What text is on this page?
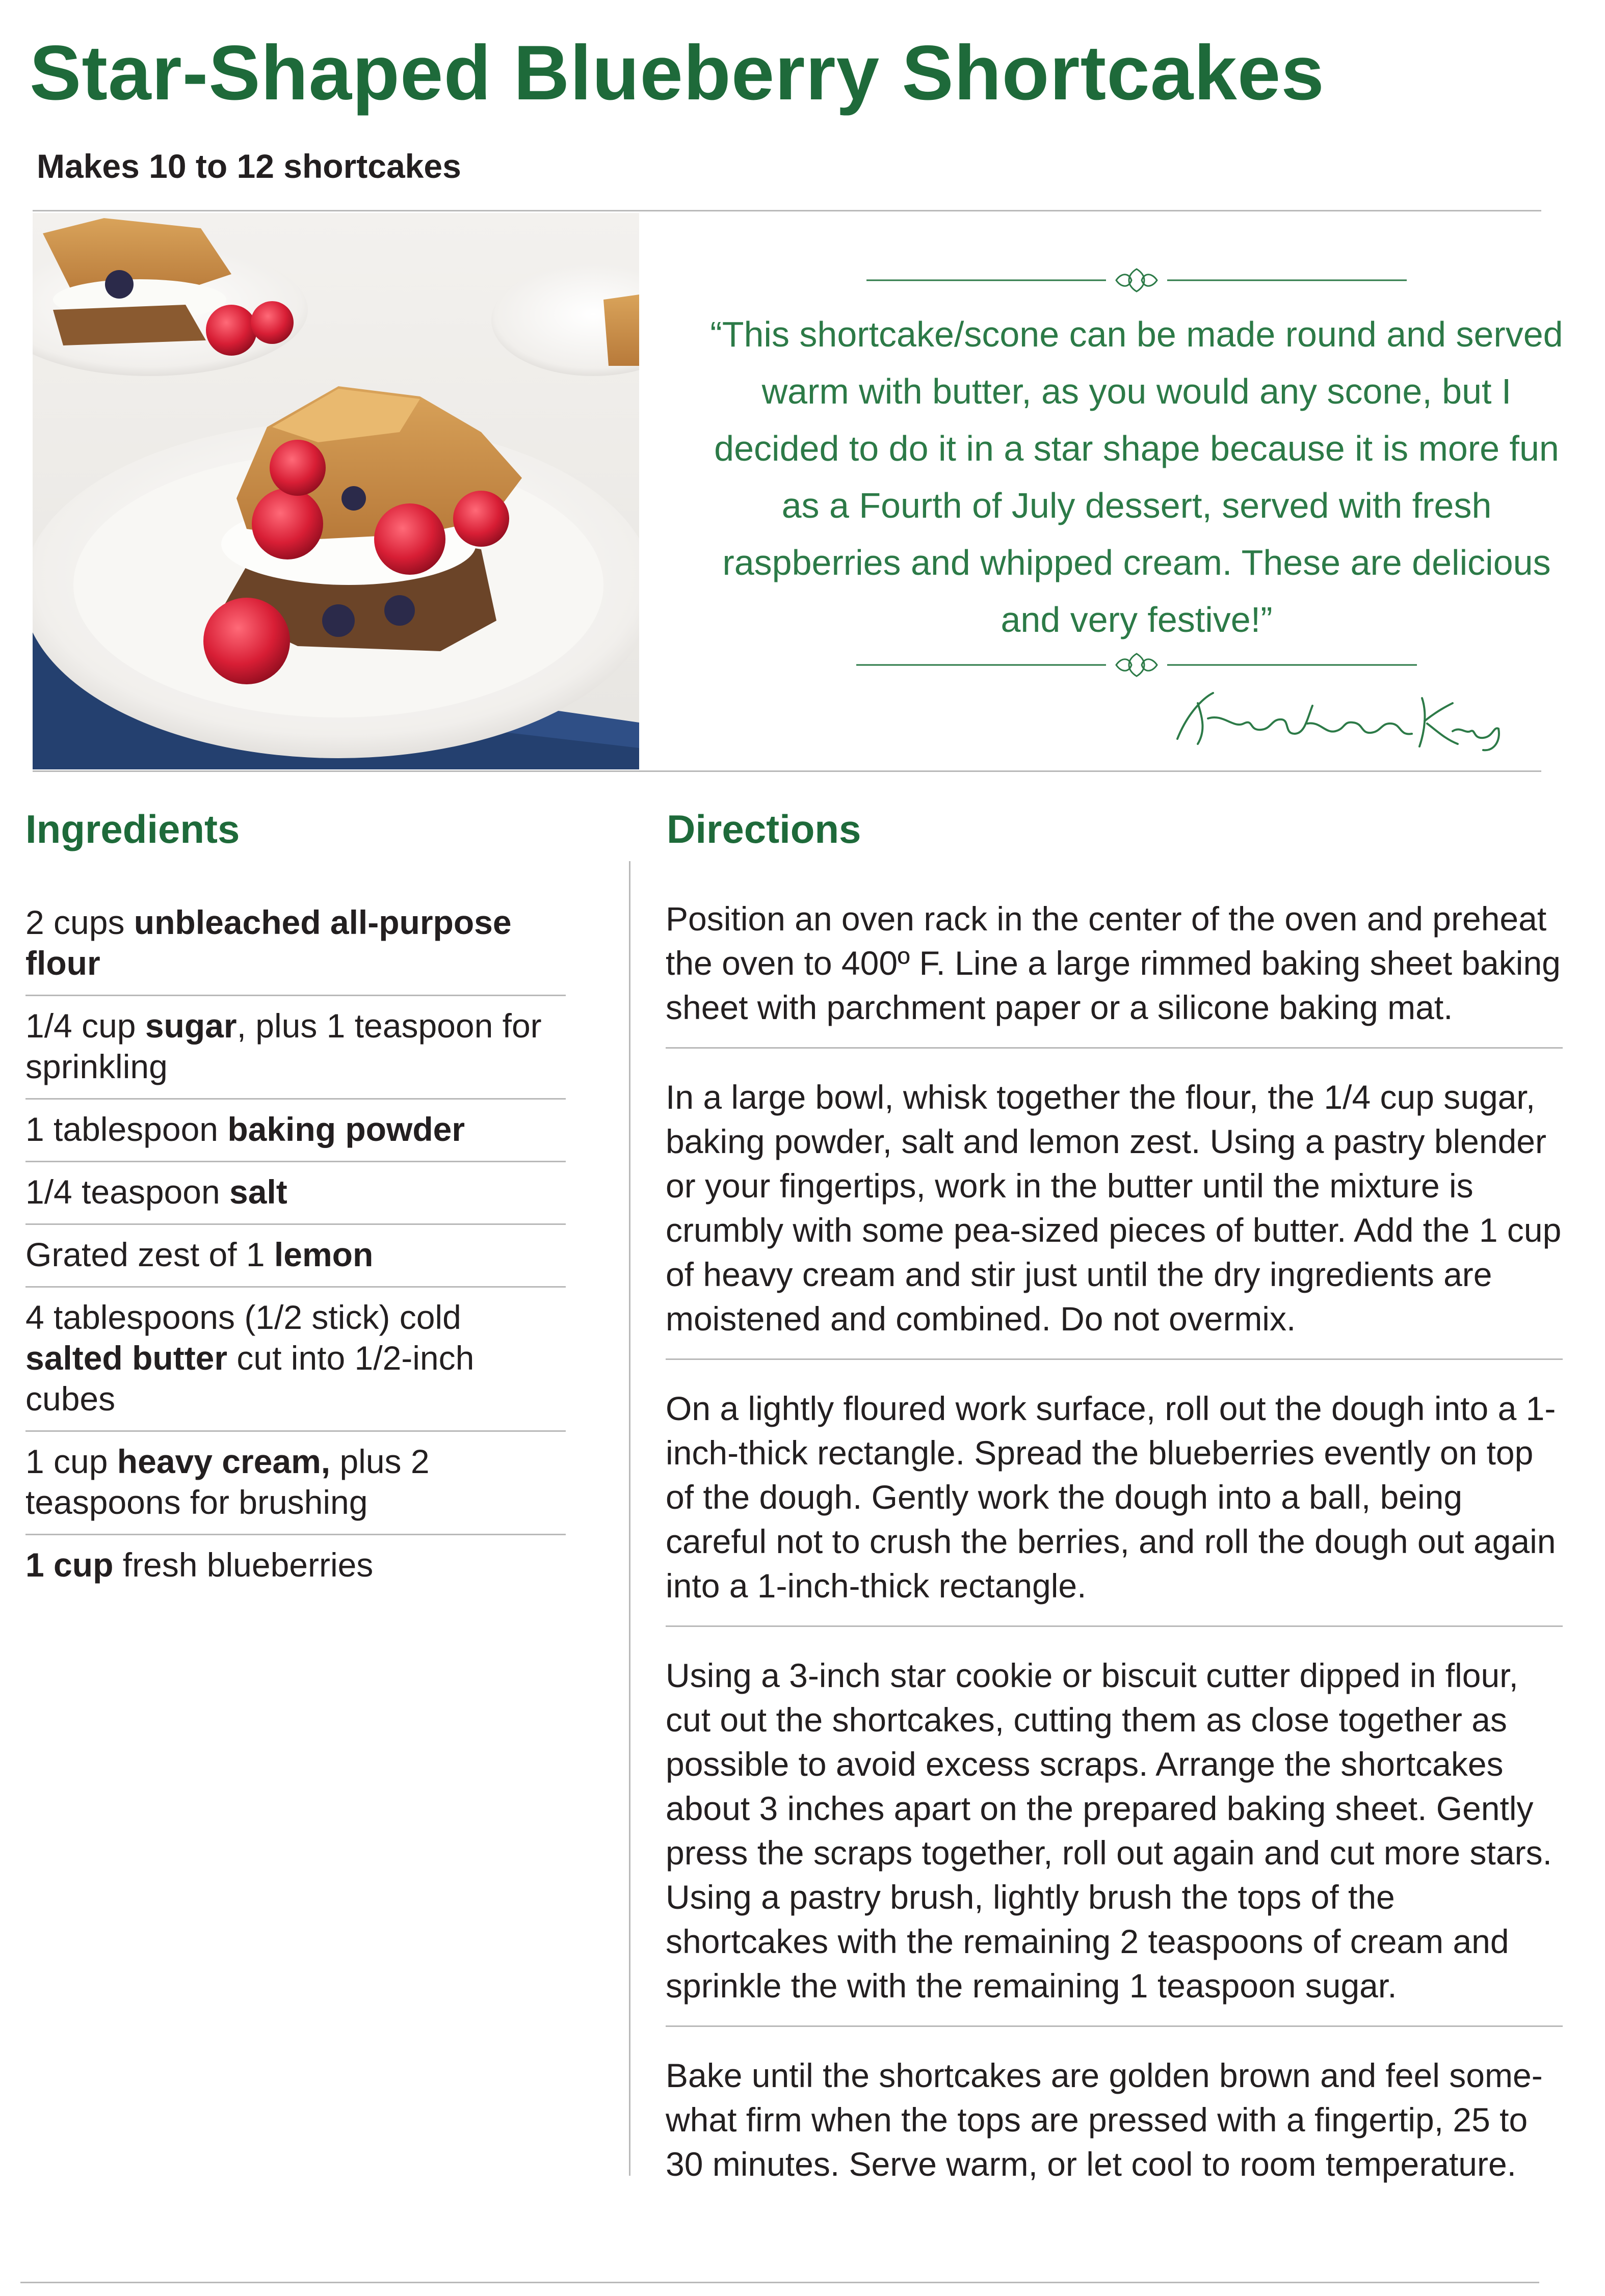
Star-Shaped Blueberry Shortcakes
Makes 10 to 12 shortcakes
“This shortcake/scone can be made round and served warm with butter, as you would any scone, but I decided to do it in a star shape because it is more fun as a Fourth of July dessert, served with fresh raspberries and whipped cream. These are delicious and very festive!”
Ingredients	Directions
2 cups unbleached all-purpose flour
1/4 cup sugar, plus 1 teaspoon for sprinkling
1 tablespoon baking powder
1/4 teaspoon salt
Grated zest of 1 lemon
4 tablespoons (1/2 stick) cold salted butter cut into 1/2-inch cubes
1 cup heavy cream, plus 2 teaspoons for brushing
1 cup fresh blueberries
Position an oven rack in the center of the oven and preheat the oven to 400º F. Line a large rimmed baking sheet baking sheet with parchment paper or a silicone baking mat.
In a large bowl, whisk together the flour, the 1/4 cup sugar, baking powder, salt and lemon zest. Using a pastry blender or your fingertips, work in the butter until the mixture is crumbly with some pea-sized pieces of butter. Add the 1 cup of heavy cream and stir just until the dry ingredients are moistened and combined. Do not overmix.
On a lightly floured work surface, roll out the dough into a 1-inch-thick rectangle. Spread the blueberries evently on top of the dough. Gently work the dough into a ball, being careful not to crush the berries, and roll the dough out again into a 1-inch-thick rectangle.
Using a 3-inch star cookie or biscuit cutter dipped in flour, cut out the shortcakes, cutting them as close together as possible to avoid excess scraps. Arrange the shortcakes about 3 inches apart on the prepared baking sheet. Gently press the scraps together, roll out again and cut more stars. Using a pastry brush, lightly brush the tops of the shortcakes with the remaining 2 teaspoons of cream and sprinkle the with the remaining 1 teaspoon sugar.
Bake until the shortcakes are golden brown and feel some-what firm when the tops are pressed with a fingertip, 25 to 30 minutes. Serve warm, or let cool to room temperature.
